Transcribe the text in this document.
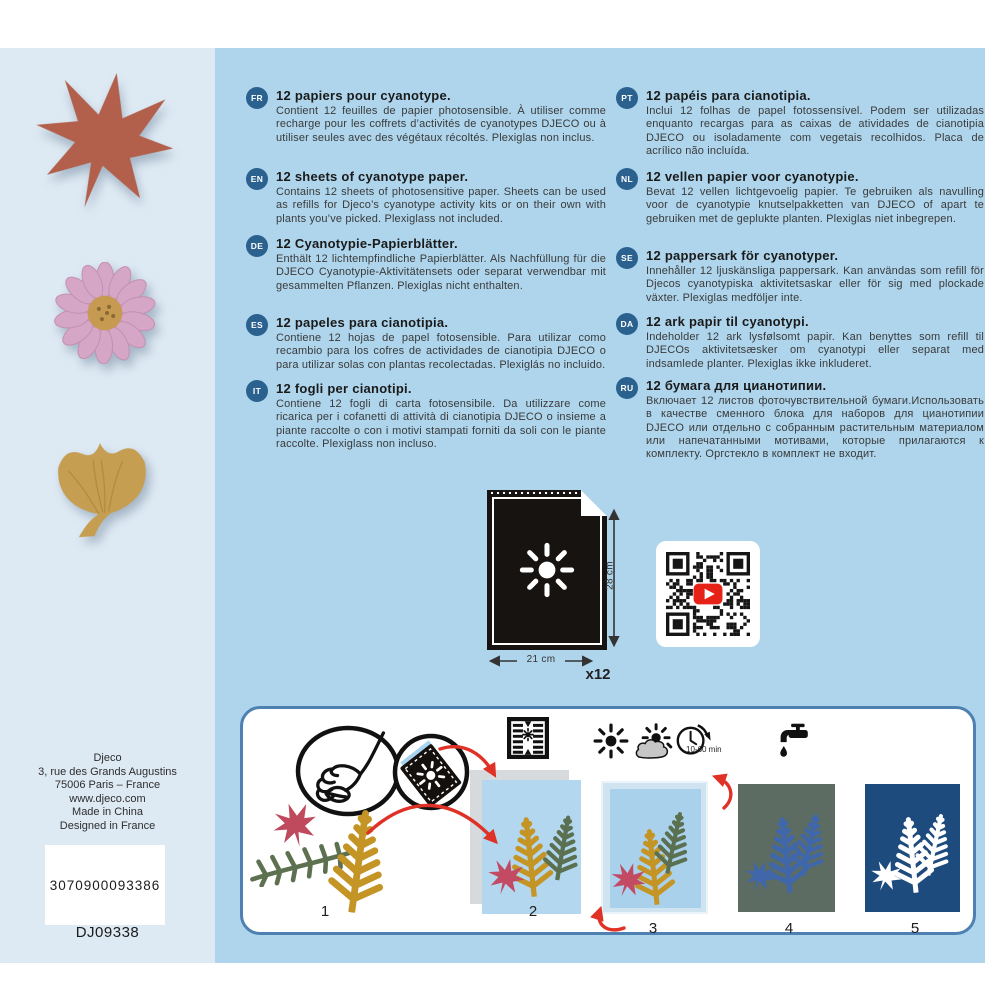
Djeco
3, rue des Grands Augustins
75006 Paris – France
www.djeco.com
Made in China
Designed in France
3070900093386
DJ09338
FR	12 papiers pour cyanotype.
Contient 12 feuilles de papier photosensible. À utiliser comme recharge pour les coffrets d’activités de cyanotypes DJECO ou à utiliser seules avec des végétaux récoltés. Plexiglas non inclus.
EN 12 sheets of cyanotype paper.
Contains 12 sheets of photosensitive paper. Sheets can be used as refills for Djeco’s cyanotype activity kits or on their own with plants you’ve picked. Plexiglass not included.
DE 12 Cyanotypie-Papierblätter.
Enthält 12 lichtempfindliche Papierblätter. Als Nachfüllung für die DJECO Cyanotypie-Aktivitätensets oder separat verwendbar mit gesammelten Pflanzen. Plexiglas nicht enthalten.
ES	12 papeles para cianotipia.
Contiene 12 hojas de papel fotosensible. Para utilizar como recambio para los cofres de actividades de cianotipia DJECO o para utilizar solas con plantas recolectadas. Plexiglás no incluido.
IT	12 fogli per cianotipi.
Contiene 12 fogli di carta fotosensibile. Da utilizzare come ricarica per i cofanetti di attività di cianotipia DJECO o insieme a piante raccolte o con i motivi stampati forniti da soli con le piante raccolte. Plexiglass non incluso.
PT	12 papéis para cianotipia.
Inclui 12 folhas de papel fotossensível. Podem ser utilizadas enquanto recargas para as caixas de atividades de cianotipia DJECO ou isoladamente com vegetais recolhidos. Placa de acrílico não incluída.
NL	12 vellen papier voor cyanotypie.
Bevat 12 vellen lichtgevoelig papier. Te gebruiken als navulling voor de cyanotypie knutselpakketten van DJECO of apart te gebruiken met de geplukte planten. Plexiglas niet inbegrepen.
SE	12 pappersark för cyanotyper.
Innehåller 12 ljuskänsliga pappersark. Kan användas som refill för Djecos cyanotypiska aktivitetsaskar eller för sig med plockade växter. Plexiglas medföljer inte.
DA 12 ark papir til cyanotypi.
Indeholder 12 ark lysfølsomt papir. Kan benyttes som refill til DJECOs aktivitetsæsker om cyanotypi eller separat med indsamlede planter. Plexiglas ikke inkluderet.
RU 12 бумага для цианотипии.
Включает 12 листов фоточувствительной бумаги.Использовать в качестве сменного блока для наборов для цианотипии DJECO или отдельно с собранным растительным материалом или напечатанными мотивами, которые прилагаются к комплекту. Оргстекло в комплект не входит.
28 cm
21 cm
x12
1	2
10-60 min
3	4	5
